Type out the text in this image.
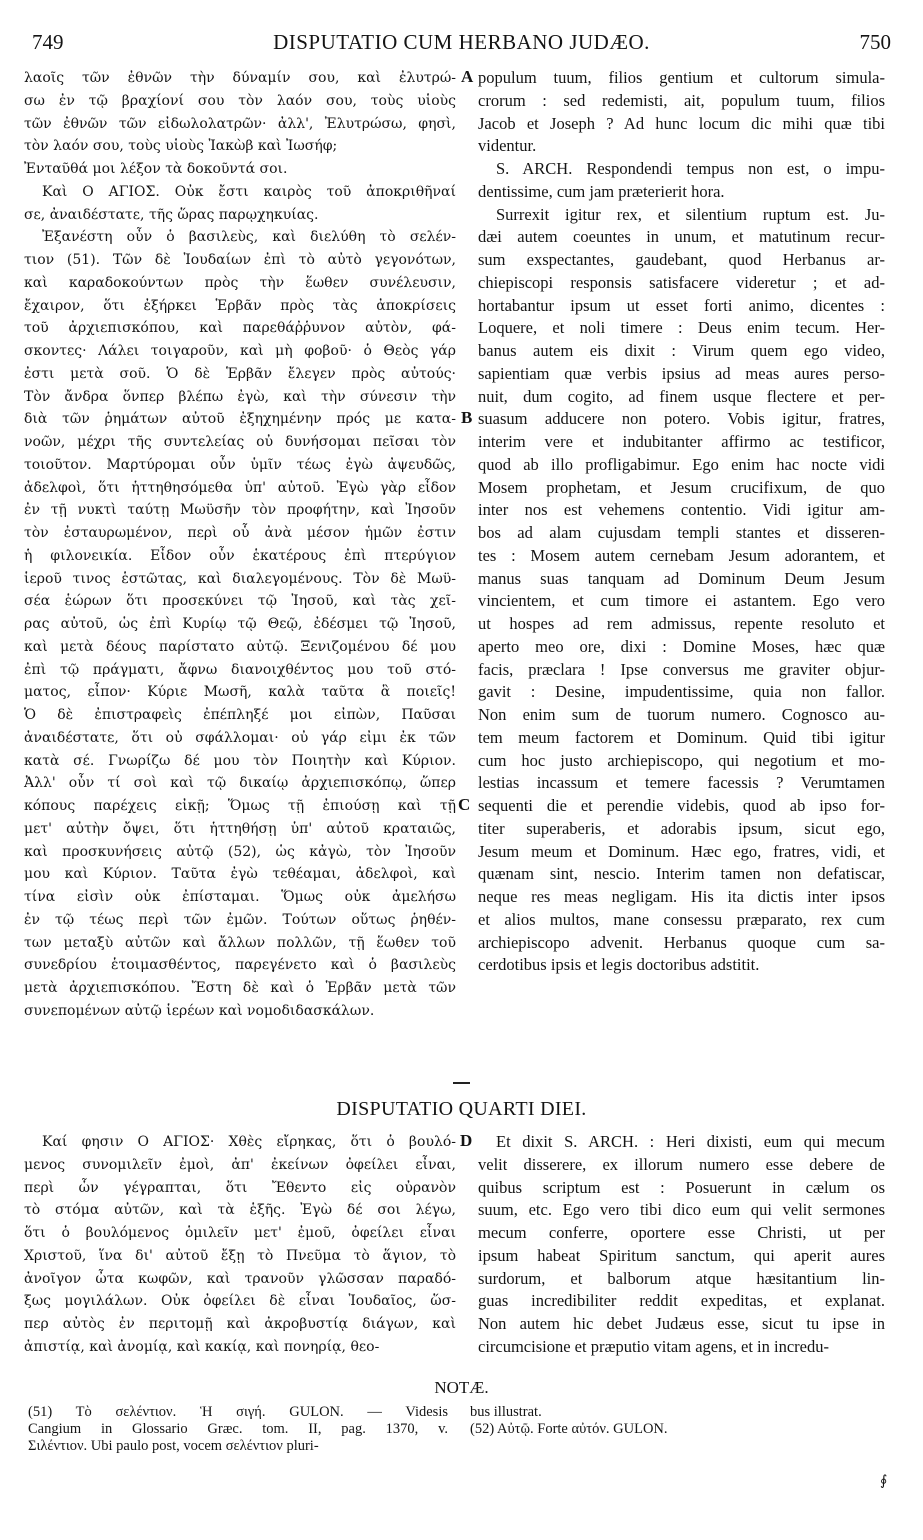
749	DISPUTATIO CUM HERBANO JUDÆO.	750

λαοῖς τῶν ἐθνῶν τὴν δύναμίν σου, καὶ ἐλυτρώ-

σω ἐν τῷ βραχίονί σου τὸν λαόν σου, τοὺς υἱοὺς

τῶν ἐθνῶν τῶν εἰδωλολατρῶν· ἀλλ', Ἐλυτρώσω, φησὶ,

τὸν λαόν σου, τοὺς υἱοὺς Ἰακὼβ καὶ Ἰωσήφ;

Ἐνταῦθά μοι λέξον τὰ δοκοῦντά σοι.

Καὶ Ο ΑΓΙΟΣ. Οὐκ ἔστι καιρὸς τοῦ ἀποκριθῆναί

σε, ἀναιδέστατε, τῆς ὥρας παρῳχηκυίας.

Ἐξανέστη οὖν ὁ βασιλεὺς, καὶ διελύθη τὸ σελέν-

τιον (51). Τῶν δὲ Ἰουδαίων ἐπὶ τὸ αὐτὸ γεγονότων,

καὶ καραδοκούντων πρὸς τὴν ἕωθεν συνέλευσιν,

ἔχαιρον, ὅτι ἐξήρκει Ἑρβᾶν πρὸς τὰς ἀποκρίσεις

τοῦ ἀρχιεπισκόπου, καὶ παρεθάῤῥυνον αὐτὸν, φά-

σκοντες· Λάλει τοιγαροῦν, καὶ μὴ φοβοῦ· ὁ Θεὸς γάρ

ἐστι μετὰ σοῦ. Ὁ δὲ Ἑρβᾶν ἔλεγεν πρὸς αὐτούς·

Τὸν ἄνδρα ὅνπερ βλέπω ἐγὼ, καὶ τὴν σύνεσιν τὴν

διὰ τῶν ῥημάτων αὐτοῦ ἐξηχημένην πρός με κατα-

νοῶν, μέχρι τῆς συντελείας οὐ δυνήσομαι πεῖσαι τὸν

τοιοῦτον. Μαρτύρομαι οὖν ὑμῖν τέως ἐγὼ ἀψευδῶς,

ἀδελφοὶ, ὅτι ἡττηθησόμεθα ὑπ' αὐτοῦ. Ἐγὼ γὰρ εἶδον

ἐν τῇ νυκτὶ ταύτῃ Μωϋσῆν τὸν προφήτην, καὶ Ἰησοῦν

τὸν ἐσταυρωμένον, περὶ οὗ ἀνὰ μέσον ἡμῶν ἐστιν

ἡ φιλονεικία. Εἶδον οὖν ἑκατέρους ἐπὶ πτερύγιον

ἱεροῦ τινος ἑστῶτας, καὶ διαλεγομένους. Τὸν δὲ Μωϋ-

σέα ἑώρων ὅτι προσεκύνει τῷ Ἰησοῦ, καὶ τὰς χεῖ-

ρας αὐτοῦ, ὡς ἐπὶ Κυρίῳ τῷ Θεῷ, ἐδέσμει τῷ Ἰησοῦ,

καὶ μετὰ δέους παρίστατο αὐτῷ. Ξενιζομένου δέ μου

ἐπὶ τῷ πράγματι, ἄφνω διανοιχθέντος μου τοῦ στό-

ματος, εἶπον· Κύριε Μωσῆ, καλὰ ταῦτα ἃ ποιεῖς!

Ὁ δὲ ἐπιστραφεὶς ἐπέπληξέ μοι εἰπὼν, Παῦσαι

ἀναιδέστατε, ὅτι οὐ σφάλλομαι· οὐ γάρ εἰμι ἐκ τῶν

κατὰ σέ. Γνωρίζω δέ μου τὸν Ποιητὴν καὶ Κύριον.

Ἀλλ' οὖν τί σοὶ καὶ τῷ δικαίῳ ἀρχιεπισκόπῳ, ὥπερ

κόπους παρέχεις εἰκῇ; Ὅμως τῇ ἐπιούσῃ καὶ τῇ

μετ' αὐτὴν ὄψει, ὅτι ἡττηθήσῃ ὑπ' αὐτοῦ κραταιῶς,

καὶ προσκυνήσεις αὐτῷ (52), ὡς κἀγὼ, τὸν Ἰησοῦν

μου καὶ Κύριον. Ταῦτα ἐγὼ τεθέαμαι, ἀδελφοὶ, καὶ

τίνα εἰσὶν οὐκ ἐπίσταμαι. Ὅμως οὐκ ἀμελήσω

ἐν τῷ τέως περὶ τῶν ἐμῶν. Τούτων οὕτως ῥηθέν-

των μεταξὺ αὐτῶν καὶ ἄλλων πολλῶν, τῇ ἕωθεν τοῦ

συνεδρίου ἑτοιμασθέντος, παρεγένετο καὶ ὁ βασιλεὺς

μετὰ ἀρχιεπισκόπου. Ἔστη δὲ καὶ ὁ Ἑρβᾶν μετὰ τῶν

συνεπομένων αὐτῷ ἱερέων καὶ νομοδιδασκάλων.

populum tuum, filios gentium et cultorum simula-

crorum : sed redemisti, ait, populum tuum, filios

Jacob et Joseph ? Ad hunc locum dic mihi quæ tibi

videntur.

S. ARCH. Respondendi tempus non est, o impu-

dentissime, cum jam præterierit hora.

Surrexit igitur rex, et silentium ruptum est. Ju-

dæi autem coeuntes in unum, et matutinum recur-

sum exspectantes, gaudebant, quod Herbanus ar-

chiepiscopi responsis satisfacere videretur ; et ad-

hortabantur ipsum ut esset forti animo, dicentes :

Loquere, et noli timere : Deus enim tecum. Her-

banus autem eis dixit : Virum quem ego video,

sapientiam quæ verbis ipsius ad meas aures perso-

nuit, dum cogito, ad finem usque flectere et per-

suasum adducere non potero. Vobis igitur, fratres,

interim vere et indubitanter affirmo ac testificor,

quod ab illo profligabimur. Ego enim hac nocte vidi

Mosem prophetam, et Jesum crucifixum, de quo

inter nos est vehemens contentio. Vidi igitur am-

bos ad alam cujusdam templi stantes et disseren-

tes : Mosem autem cernebam Jesum adorantem, et

manus suas tanquam ad Dominum Deum Jesum

vincientem, et cum timore ei astantem. Ego vero

ut hospes ad rem admissus, repente resoluto et

aperto meo ore, dixi : Domine Moses, hæc quæ

facis, præclara ! Ipse conversus me graviter objur-

gavit : Desine, impudentissime, quia non fallor.

Non enim sum de tuorum numero. Cognosco au-

tem meum factorem et Dominum. Quid tibi igitur

cum hoc justo archiepiscopo, qui negotium et mo-

lestias incassum et temere facessis ? Verumtamen

sequenti die et perendie videbis, quod ab ipso for-

titer superaberis, et adorabis ipsum, sicut ego,

Jesum meum et Dominum. Hæc ego, fratres, vidi, et

quænam sint, nescio. Interim tamen non defatiscar,

neque res meas negligam. His ita dictis inter ipsos

et alios multos, mane consessu præparato, rex cum

archiepiscopo advenit. Herbanus quoque cum sa-

cerdotibus ipsis et legis doctoribus adstitit.

A
B
C
D
DISPUTATIO QUARTI DIEI.

Καί φησιν Ο ΑΓΙΟΣ· Χθὲς εἴρηκας, ὅτι ὁ βουλό-

μενος συνομιλεῖν ἐμοὶ, ἀπ' ἐκείνων ὀφείλει εἶναι,

περὶ ὧν γέγραπται, ὅτι Ἔθεντο εἰς οὐρανὸν

τὸ στόμα αὐτῶν, καὶ τὰ ἑξῆς. Ἐγὼ δέ σοι λέγω,

ὅτι ὁ βουλόμενος ὁμιλεῖν μετ' ἐμοῦ, ὀφείλει εἶναι

Χριστοῦ, ἵνα δι' αὐτοῦ ἔξῃ τὸ Πνεῦμα τὸ ἅγιον, τὸ

ἀνοῖγον ὦτα κωφῶν, καὶ τρανοῦν γλῶσσαν παραδό-

ξως μογιλάλων. Οὐκ ὀφείλει δὲ εἶναι Ἰουδαῖος, ὥσ-

περ αὐτὸς ἐν περιτομῇ καὶ ἀκροβυστίᾳ διάγων, καὶ

ἀπιστίᾳ, καὶ ἀνομίᾳ, καὶ κακίᾳ, καὶ πονηρίᾳ, θεο-

Et dixit S. ARCH. : Heri dixisti, eum qui mecum

velit disserere, ex illorum numero esse debere de

quibus scriptum est : Posuerunt in cælum os

suum, etc. Ego vero tibi dico eum qui velit sermones

mecum conferre, oportere esse Christi, ut per

ipsum habeat Spiritum sanctum, qui aperit aures

surdorum, et balborum atque hæsitantium lin-

guas incredibiliter reddit expeditas, et explanat.

Non autem hic debet Judæus esse, sicut tu ipse in

circumcisione et præputio vitam agens, et in incredu-

NOTÆ.

(51) Τὸ σελέντιον. Ἡ σιγή. GULON. — Videsis

Cangium in Glossario Græc. tom. II, pag. 1370, v.

Σιλέντιον. Ubi paulo post, vocem σελέντιον pluri-

bus illustrat.

(52) Αὐτῷ. Forte αὐτόν. GULON.

∮
